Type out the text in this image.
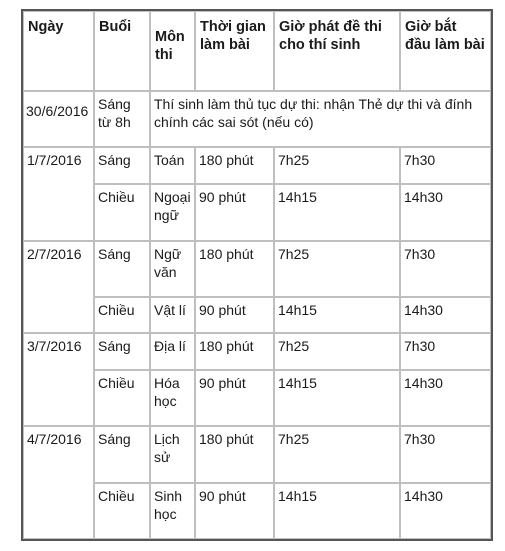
Ngày	Buổi	Môn thi	Thời gian làm bài	Giờ phát đề thi cho thí sinh	Giờ bắt đầu làm bài
30/6/2016	Sáng từ 8h	Thí sinh làm thủ tục dự thi: nhận Thẻ dự thi và đính chính các sai sót (nếu có)			
1/7/2016	Sáng	Toán	180 phút	7h25	7h30
	Chiều	Ngoại ngữ	90 phút	14h15	14h30
2/7/2016	Sáng	Ngữ văn	180 phút	7h25	7h30
	Chiều	Vật lí	90 phút	14h15	14h30
3/7/2016	Sáng	Địa lí	180 phút	7h25	7h30
	Chiều	Hóa học	90 phút	14h15	14h30
4/7/2016	Sáng	Lịch sử	180 phút	7h25	7h30
	Chiều	Sinh học	90 phút	14h15	14h30
